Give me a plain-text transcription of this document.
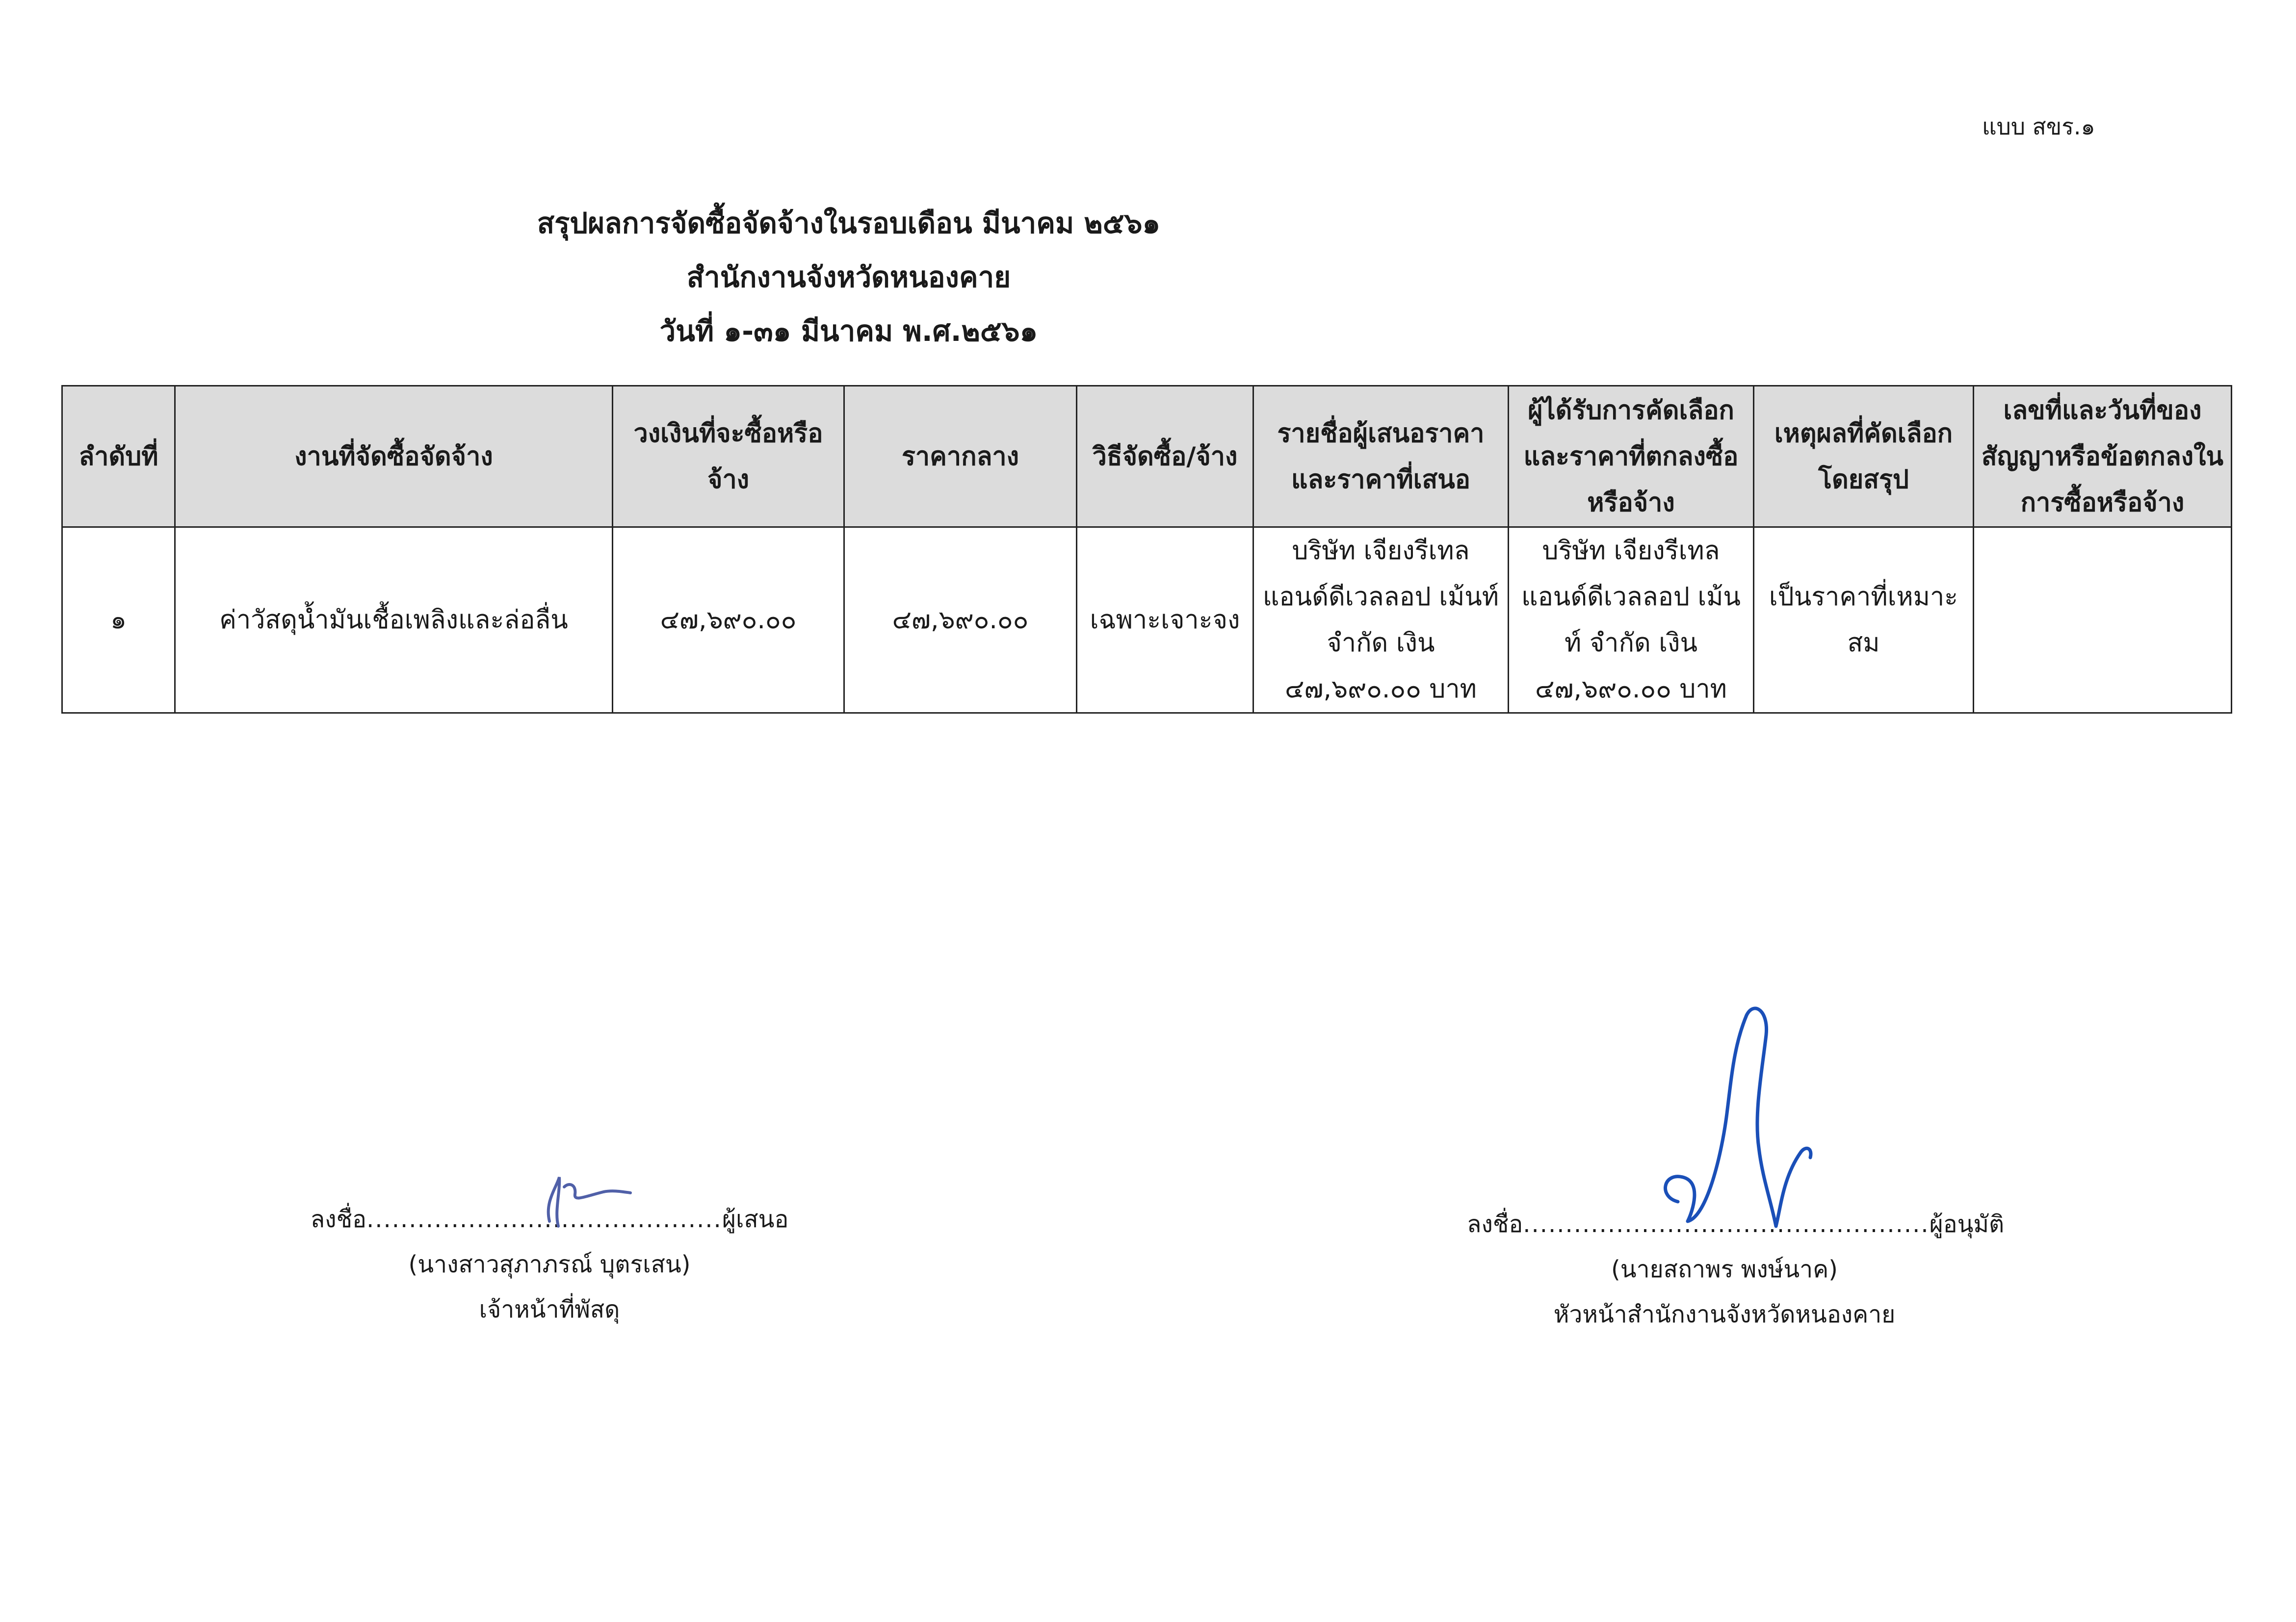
แบบ สขร.๑
สรุปผลการจัดซื้อจัดจ้างในรอบเดือน มีนาคม ๒๕๖๑
สำนักงานจังหวัดหนองคาย
วันที่ ๑-๓๑ มีนาคม พ.ศ.๒๕๖๑
ลำดับที่	งานที่จัดซื้อจัดจ้าง	วงเงินที่จะซื้อหรือจ้าง	ราคากลาง	วิธีจัดซื้อ/จ้าง	รายชื่อผู้เสนอราคาและราคาที่เสนอ	ผู้ได้รับการคัดเลือกและราคาที่ตกลงซื้อหรือจ้าง	เหตุผลที่คัดเลือกโดยสรุป	เลขที่และวันที่ของสัญญาหรือข้อตกลงในการซื้อหรือจ้าง
๑	ค่าวัสดุน้ำมันเชื้อเพลิงและล่อลื่น	๔๗,๖๙๐.๐๐	๔๗,๖๙๐.๐๐	เฉพาะเจาะจง	บริษัท เจียงรีเทล แอนด์ดีเวลลอป เม้นท์ จำกัด เงิน ๔๗,๖๙๐.๐๐ บาท	บริษัท เจียงรีเทล แอนด์ดีเวลลอป เม้นท์ จำกัด เงิน ๔๗,๖๙๐.๐๐ บาท	เป็นราคาที่เหมาะสม	
ลงชื่อ..........................................ผู้เสนอ
(นางสาวสุภาภรณ์ บุตรเสน)
เจ้าหน้าที่พัสดุ
ลงชื่อ................................................ผู้อนุมัติ
(นายสถาพร พงษ์นาค)
หัวหน้าสำนักงานจังหวัดหนองคาย
